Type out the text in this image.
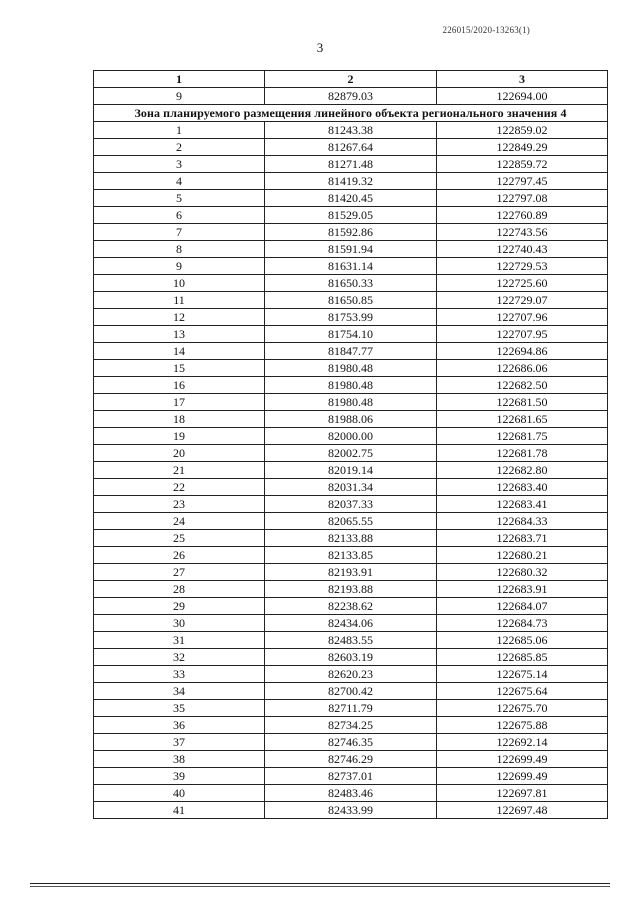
226015/2020-13263(1)
3
1	2	3
9	82879.03	122694.00
Зона планируемого размещения линейного объекта регионального значения 4		
1	81243.38	122859.02
2	81267.64	122849.29
3	81271.48	122859.72
4	81419.32	122797.45
5	81420.45	122797.08
6	81529.05	122760.89
7	81592.86	122743.56
8	81591.94	122740.43
9	81631.14	122729.53
10	81650.33	122725.60
11	81650.85	122729.07
12	81753.99	122707.96
13	81754.10	122707.95
14	81847.77	122694.86
15	81980.48	122686.06
16	81980.48	122682.50
17	81980.48	122681.50
18	81988.06	122681.65
19	82000.00	122681.75
20	82002.75	122681.78
21	82019.14	122682.80
22	82031.34	122683.40
23	82037.33	122683.41
24	82065.55	122684.33
25	82133.88	122683.71
26	82133.85	122680.21
27	82193.91	122680.32
28	82193.88	122683.91
29	82238.62	122684.07
30	82434.06	122684.73
31	82483.55	122685.06
32	82603.19	122685.85
33	82620.23	122675.14
34	82700.42	122675.64
35	82711.79	122675.70
36	82734.25	122675.88
37	82746.35	122692.14
38	82746.29	122699.49
39	82737.01	122699.49
40	82483.46	122697.81
41	82433.99	122697.48
